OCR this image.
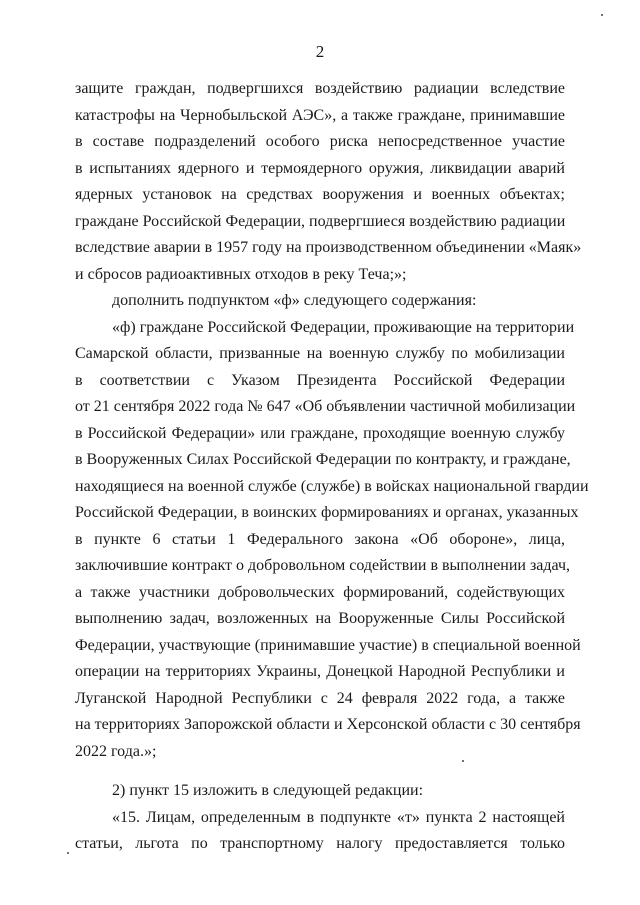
2
защите граждан, подвергшихся воздействию радиации вследствие
катастрофы на Чернобыльской АЭС», а также граждане, принимавшие
в составе подразделений особого риска непосредственное участие
в испытаниях ядерного и термоядерного оружия, ликвидации аварий
ядерных установок на средствах вооружения и военных объектах;
граждане Российской Федерации, подвергшиеся воздействию радиации
вследствие аварии в 1957 году на производственном объединении «Маяк»
и сбросов радиоактивных отходов в реку Теча;»;
дополнить подпунктом «ф» следующего содержания:
«ф) граждане Российской Федерации, проживающие на территории
Самарской области, призванные на военную службу по мобилизации
в соответствии с Указом Президента Российской Федерации
от 21 сентября 2022 года № 647 «Об объявлении частичной мобилизации
в Российской Федерации» или граждане, проходящие военную службу
в Вооруженных Силах Российской Федерации по контракту, и граждане,
находящиеся на военной службе (службе) в войсках национальной гвардии
Российской Федерации, в воинских формированиях и органах, указанных
в пункте 6 статьи 1 Федерального закона «Об обороне», лица,
заключившие контракт о добровольном содействии в выполнении задач,
а также участники добровольческих формирований, содействующих
выполнению задач, возложенных на Вооруженные Силы Российской
Федерации, участвующие (принимавшие участие) в специальной военной
операции на территориях Украины, Донецкой Народной Республики и
Луганской Народной Республики с 24 февраля 2022 года, а также
на территориях Запорожской области и Херсонской области с 30 сентября
2022 года.»;
2) пункт 15 изложить в следующей редакции:
«15. Лицам, определенным в подпункте «т» пункта 2 настоящей
статьи, льгота по транспортному налогу предоставляется только
